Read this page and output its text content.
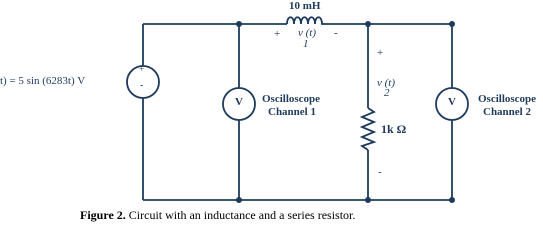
t) = 5 sin (6283t) V
+
-
10 mH
+ v (t)
1
-
+
v (t)
2
1k Ω
-
V Oscilloscope
Channel 1
V Oscilloscope
Channel 2
Figure 2. Circuit with an inductance and a series resistor.
